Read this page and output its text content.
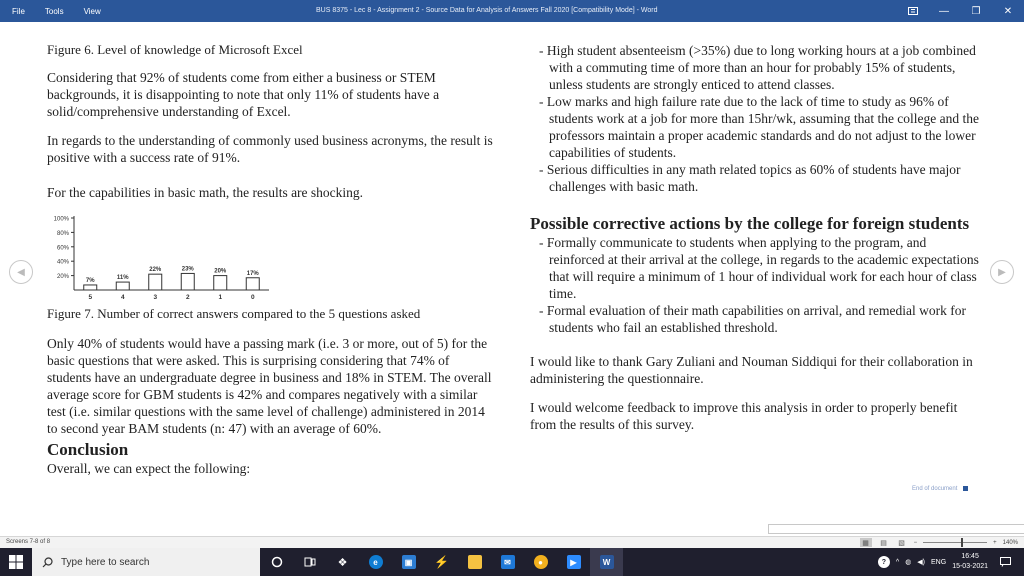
File	Tools	View	BUS 8375 - Lec 8 - Assignment 2 - Source Data for Analysis of Answers Fall 2020 [Compatibility Mode] - Word	—	❐	✕
◀	▶
Figure 6. Level of knowledge of Microsoft Excel
Considering that 92% of students come from either a business or STEM backgrounds, it is disappointing to note that only 11% of students have a solid/comprehensive understanding of Excel.
In regards to the understanding of commonly used business acronyms, the result is positive with a success rate of 91%.
For the capabilities in basic math, the results are shocking.
100%
80%
60%
40%
20%
7%
5
11%
4
22%
3
23%
2
20%
1
17%
0
Figure 7. Number of correct answers compared to the 5 questions asked
Only 40% of students would have a passing mark (i.e. 3 or more, out of 5) for the basic questions that were asked. This is surprising considering that 74% of students have an undergraduate degree in business and 18% in STEM. The overall average score for GBM students is 42% and compares negatively with a similar test (i.e. similar questions with the same level of challenge) administered in 2014 to second year BAM students (n: 47) with an average of 60%.
Conclusion
Overall, we can expect the following:
- High student absenteeism (>35%) due to long working hours at a job combined with a commuting time of more than an hour for probably 15% of students, unless students are strongly enticed to attend classes.
- Low marks and high failure rate due to the lack of time to study as 96% of students work at a job for more than 15hr/wk, assuming that the college and the professors maintain a proper academic standards and do not adjust to the lower capabilities of students.
- Serious difficulties in any math related topics as 60% of students have major challenges with basic math.
Possible corrective actions by the college for foreign students
- Formally communicate to students when applying to the program, and reinforced at their arrival at the college, in regards to the academic expectations that will require a minimum of 1 hour of individual work for each hour of class time.
- Formal evaluation of their math capabilities on arrival, and remedial work for students who fail an established threshold.
I would like to thank Gary Zuliani and Nouman Siddiqui for their collaboration in administering the questionnaire.
I would welcome feedback to improve this analysis in order to properly benefit from the results of this survey.
End of document
Screens 7-8 of 8	▦	▤	▧	−	+ 140%
Type here to search	❖	e	▣ ⚡	✉	●	▶	W	?	^ ◍ ◀) ENG
16:45
15-03-2021
